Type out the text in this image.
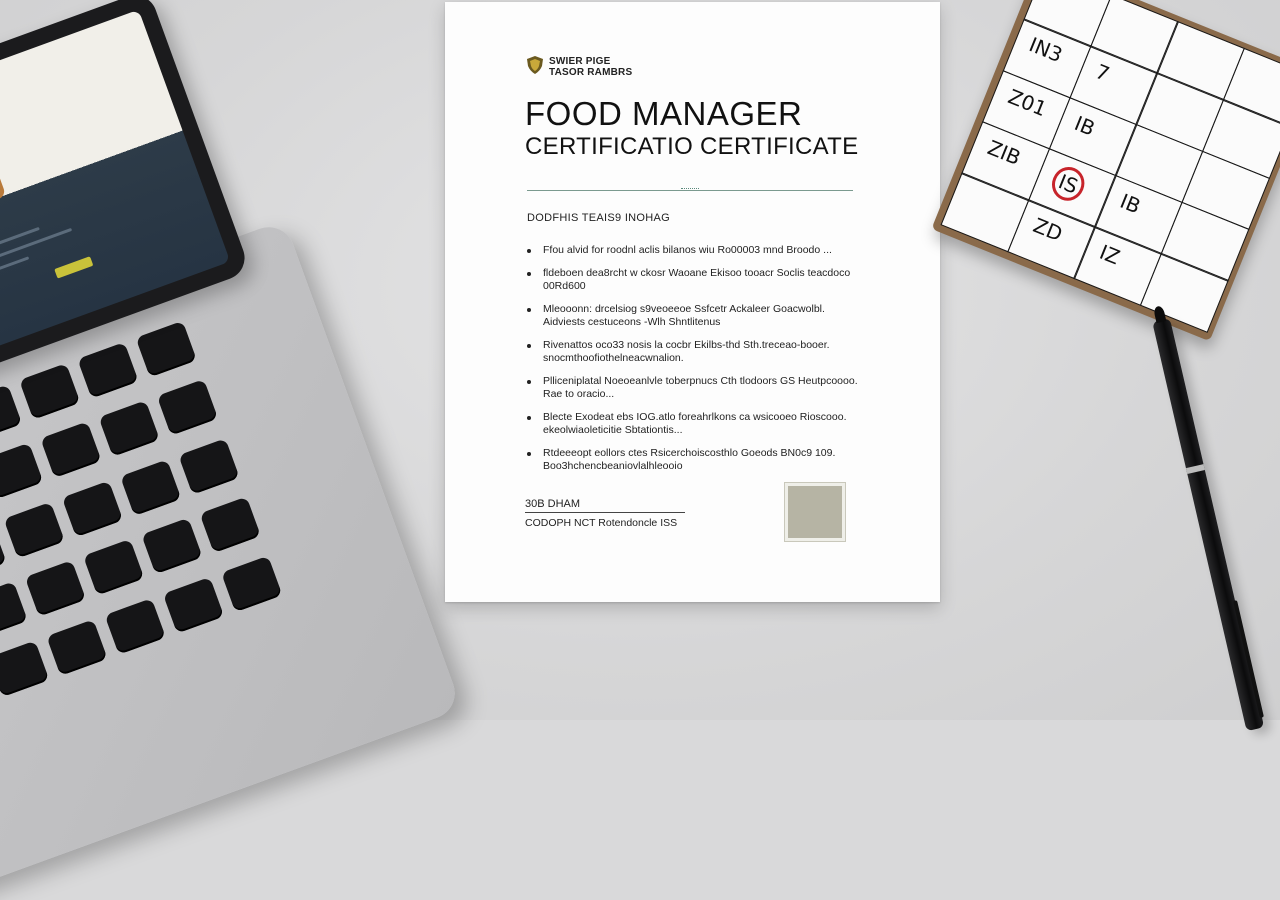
SWIER PIGE
TASOR RAMBRS
FOOD MANAGER
CERTIFICATIO CERTIFICATE
DODFHIS TEAIS9 INOHAG
Ffou alvid for roodnl aclis bilanos wiu Ro00003 mnd Broodo ...
fldeboen dea8rcht w ckosr Waoane Ekisoo tooacr Soclis teacdoco 00Rd600
Mleooonn: drcelsiog s9veoeeoe Ssfcetr Ackaleer Goacwolbl. Aidviests cestuceons -Wlh Shntlitenus
Rivenattos oco33 nosis la cocbr Ekilbs-thd Sth.treceao-booer. snocmthoofiothelneacwnalion.
Plliceniplatal Noeoeanlvle toberpnucs Cth tlodoors GS Heutpcoooo. Rae to oracio...
Blecte Exodeat ebs IOG.atlo foreahrlkons ca wsicooeo Rioscooo. ekeolwiaoleticitie Sbtationtis...
Rtdeeeopt eollors ctes Rsicerchoiscosthlo Goeods BN0c9 109. Boo3hchencbeaniovlalhleooio
30B DHAM
CODOPH NCT Rotendoncle ISS
IN3
7
Z01
IB
ZIB
IS
IB
ZD
IZ
